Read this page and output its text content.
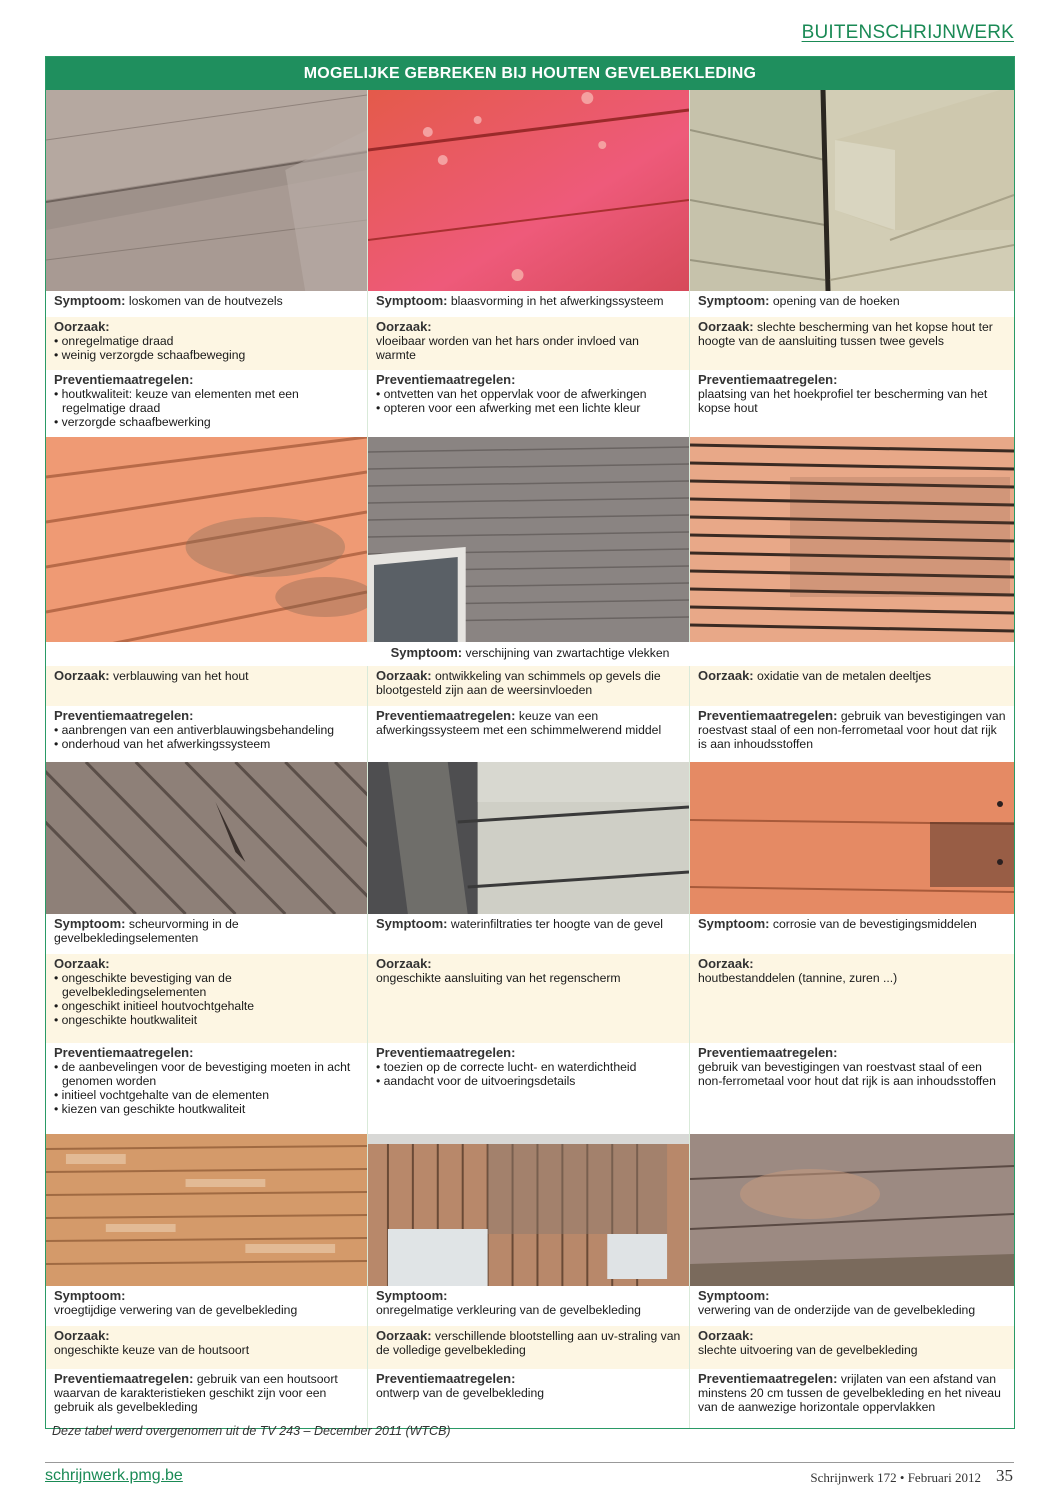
BUITENSCHRIJNWERK
MOGELIJKE GEBREKEN BIJ HOUTEN GEVELBEKLEDING
Symptoom: loskomen van de houtvezels
Oorzaak:
• onregelmatige draad
• weinig verzorgde schaafbeweging
Preventiemaatregelen:
• houtkwaliteit: keuze van elementen met een regelmatige draad
• verzorgde schaafbewerking
Symptoom: blaasvorming in het afwerkingssysteem
Oorzaak:
vloeibaar worden van het hars onder invloed van warmte
Preventiemaatregelen:
• ontvetten van het oppervlak voor de afwerkingen
• opteren voor een afwerking met een lichte kleur
Symptoom: opening van de hoeken
Oorzaak: slechte bescherming van het kopse hout ter hoogte van de aansluiting tussen twee gevels
Preventiemaatregelen:
plaatsing van het hoekprofiel ter bescherming van het kopse hout
Symptoom: verschijning van zwartachtige vlekken
Oorzaak: verblauwing van het hout
Preventiemaatregelen:
• aanbrengen van een antiverblauwingsbehandeling
• onderhoud van het afwerkingssysteem
Oorzaak: ontwikkeling van schimmels op gevels die blootgesteld zijn aan de weersinvloeden
Preventiemaatregelen: keuze van een afwerkingssysteem met een schimmelwerend middel
Oorzaak: oxidatie van de metalen deeltjes
Preventiemaatregelen: gebruik van bevestigingen van roestvast staal of een non-ferrometaal voor hout dat rijk is aan inhoudsstoffen
Symptoom: scheurvorming in de gevelbekledingselementen
Oorzaak:
• ongeschikte bevestiging van de gevelbekledingselementen
• ongeschikt initieel houtvochtgehalte
• ongeschikte houtkwaliteit
Preventiemaatregelen:
• de aanbevelingen voor de bevestiging moeten in acht genomen worden
• initieel vochtgehalte van de elementen
• kiezen van geschikte houtkwaliteit
Symptoom: waterinfiltraties ter hoogte van de gevel
Oorzaak:
ongeschikte aansluiting van het regenscherm
Preventiemaatregelen:
• toezien op de correcte lucht- en waterdichtheid
• aandacht voor de uitvoeringsdetails
Symptoom: corrosie van de bevestigingsmiddelen
Oorzaak:
houtbestanddelen (tannine, zuren ...)
Preventiemaatregelen:
gebruik van bevestigingen van roestvast staal of een non-ferrometaal voor hout dat rijk is aan inhoudsstoffen
Symptoom:
vroegtijdige verwering van de gevelbekleding
Oorzaak:
ongeschikte keuze van de houtsoort
Preventiemaatregelen: gebruik van een houtsoort waarvan de karakteristieken geschikt zijn voor een gebruik als gevelbekleding
Symptoom:
onregelmatige verkleuring van de gevelbekleding
Oorzaak: verschillende blootstelling aan uv-straling van de volledige gevelbekleding
Preventiemaatregelen:
ontwerp van de gevelbekleding
Symptoom:
verwering van de onderzijde van de gevelbekleding
Oorzaak:
slechte uitvoering van de gevelbekleding
Preventiemaatregelen: vrijlaten van een afstand van minstens 20 cm tussen de gevelbekleding en het niveau van de aanwezige horizontale oppervlakken
Deze tabel werd overgenomen uit de TV 243 – December 2011 (WTCB)
schrijnwerk.pmg.be	Schrijnwerk 172 • Februari 2012 35
